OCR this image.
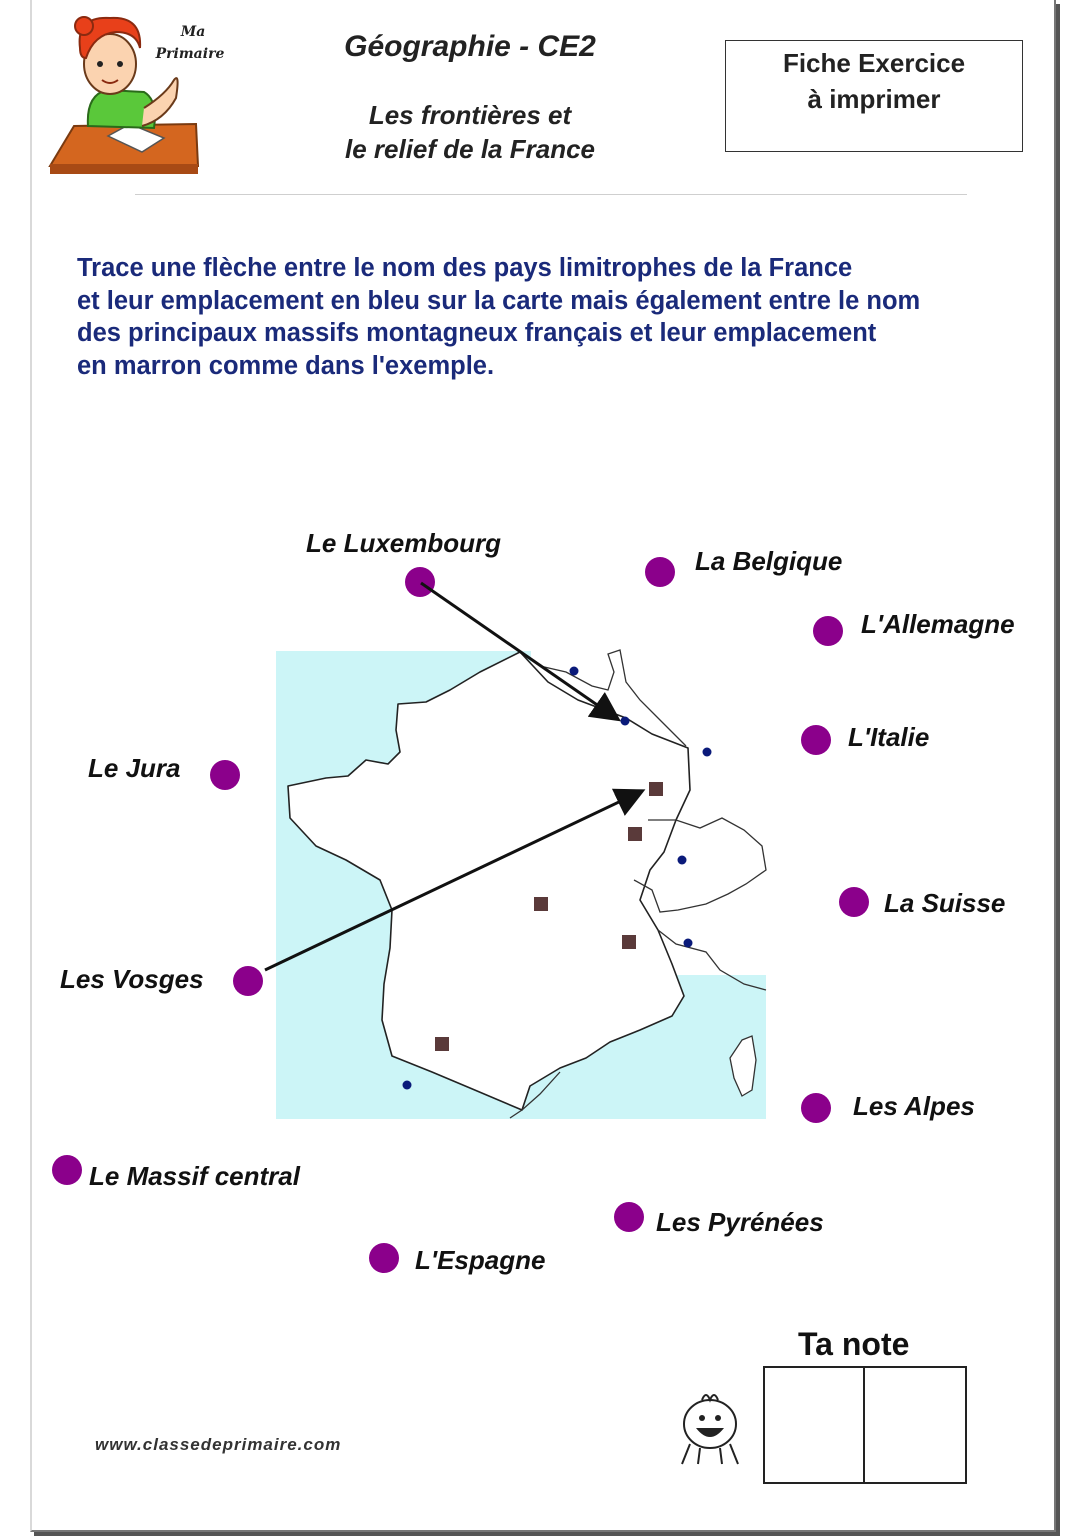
Ma
Primaire	Géographie - CE2
Les frontières et
le relief de la France
Fiche Exercice
à imprimer
Trace une flèche entre le nom des pays limitrophes de la France
et leur emplacement en bleu sur la carte mais également entre le nom
des principaux massifs montagneux français et leur emplacement
en marron comme dans l'exemple.
Le Luxembourg
La Belgique
L'Allemagne
L'Italie
Le Jura
La Suisse
Les Vosges
Les Alpes
Le Massif central
Les Pyrénées
L'Espagne
Ta note
www.classedeprimaire.com
